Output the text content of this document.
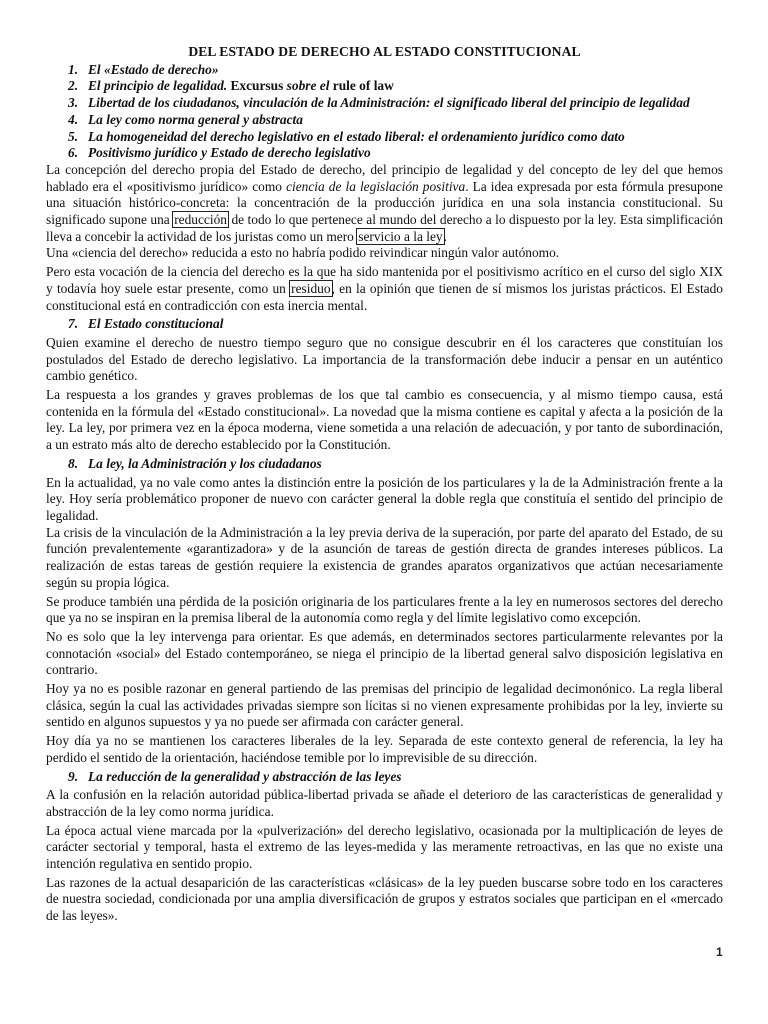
DEL ESTADO DE DERECHO AL ESTADO CONSTITUCIONAL
1. El «Estado de derecho»
2. El principio de legalidad. Excursus sobre el rule of law
3. Libertad de los ciudadanos, vinculación de la Administración: el significado liberal del principio de legalidad
4. La ley como norma general y abstracta
5. La homogeneidad del derecho legislativo en el estado liberal: el ordenamiento jurídico como dato
6. Positivismo jurídico y Estado de derecho legislativo

La concepción del derecho propia del Estado de derecho, del principio de legalidad y del concepto de ley del que hemos hablado era el «positivismo jurídico» como ciencia de la legislación positiva. La idea expresada por esta fórmula presupone una situación histórico-concreta: la concentración de la producción jurídica en una sola instancia constitucional. Su significado supone una reducción de todo lo que pertenece al mundo del derecho a lo dispuesto por la ley. Esta simplificación lleva a concebir la actividad de los juristas como un mero servicio a la ley.

Una «ciencia del derecho» reducida a esto no habría podido reivindicar ningún valor autónomo.

Pero esta vocación de la ciencia del derecho es la que ha sido mantenida por el positivismo acrítico en el curso del siglo XIX y todavía hoy suele estar presente, como un residuo, en la opinión que tienen de sí mismos los juristas prácticos. El Estado constitucional está en contradicción con esta inercia mental.

7. El Estado constitucional

Quien examine el derecho de nuestro tiempo seguro que no consigue descubrir en él los caracteres que constituían los postulados del Estado de derecho legislativo. La importancia de la transformación debe inducir a pensar en un auténtico cambio genético.

La respuesta a los grandes y graves problemas de los que tal cambio es consecuencia, y al mismo tiempo causa, está contenida en la fórmula del «Estado constitucional». La novedad que la misma contiene es capital y afecta a la posición de la ley. La ley, por primera vez en la época moderna, viene sometida a una relación de adecuación, y por tanto de subordinación, a un estrato más alto de derecho establecido por la Constitución.

8. La ley, la Administración y los ciudadanos

En la actualidad, ya no vale como antes la distinción entre la posición de los particulares y la de la Administración frente a la ley. Hoy sería problemático proponer de nuevo con carácter general la doble regla que constituía el sentido del principio de legalidad.

La crisis de la vinculación de la Administración a la ley previa deriva de la superación, por parte del aparato del Estado, de su función prevalentemente «garantizadora» y de la asunción de tareas de gestión directa de grandes intereses públicos. La realización de estas tareas de gestión requiere la existencia de grandes aparatos organizativos que actúan necesariamente según su propia lógica.

Se produce también una pérdida de la posición originaria de los particulares frente a la ley en numerosos sectores del derecho que ya no se inspiran en la premisa liberal de la autonomía como regla y del límite legislativo como excepción.

No es solo que la ley intervenga para orientar. Es que además, en determinados sectores particularmente relevantes por la connotación «social» del Estado contemporáneo, se niega el principio de la libertad general salvo disposición legislativa en contrario.

Hoy ya no es posible razonar en general partiendo de las premisas del principio de legalidad decimonónico. La regla liberal clásica, según la cual las actividades privadas siempre son lícitas si no vienen expresamente prohibidas por la ley, invierte su sentido en algunos supuestos y ya no puede ser afirmada con carácter general.

Hoy día ya no se mantienen los caracteres liberales de la ley. Separada de este contexto general de referencia, la ley ha perdido el sentido de la orientación, haciéndose temible por lo imprevisible de su dirección.

9. La reducción de la generalidad y abstracción de las leyes

A la confusión en la relación autoridad pública-libertad privada se añade el deterioro de las características de generalidad y abstracción de la ley como norma jurídica.

La época actual viene marcada por la «pulverización» del derecho legislativo, ocasionada por la multiplicación de leyes de carácter sectorial y temporal, hasta el extremo de las leyes-medida y las meramente retroactivas, en las que no existe una intención regulativa en sentido propio.

Las razones de la actual desaparición de las características «clásicas» de la ley pueden buscarse sobre todo en los caracteres de nuestra sociedad, condicionada por una amplia diversificación de grupos y estratos sociales que participan en el «mercado de las leyes».

1
